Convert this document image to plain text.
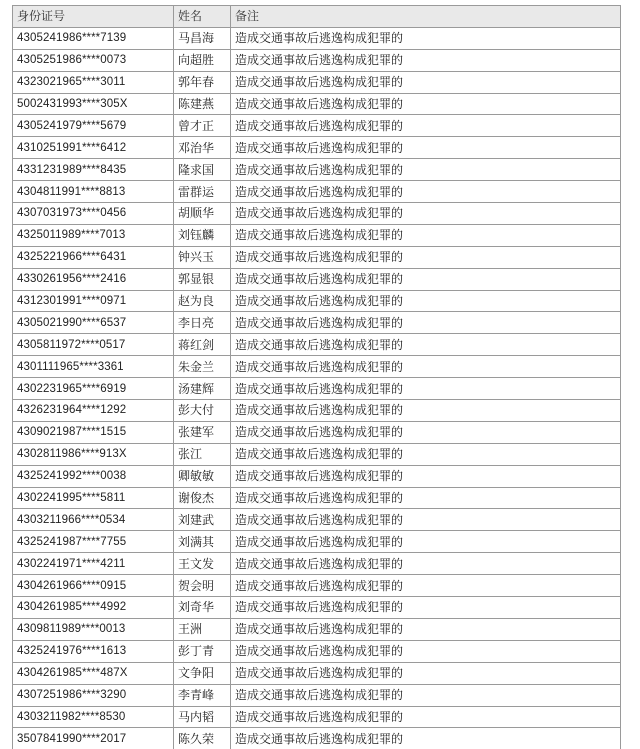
身份证号	姓名	备注
4305241986****7139	马昌海	造成交通事故后逃逸构成犯罪的
4305251986****0073	向超胜	造成交通事故后逃逸构成犯罪的
4323021965****3011	郭年春	造成交通事故后逃逸构成犯罪的
5002431993****305X	陈建燕	造成交通事故后逃逸构成犯罪的
4305241979****5679	曾才正	造成交通事故后逃逸构成犯罪的
4310251991****6412	邓治华	造成交通事故后逃逸构成犯罪的
4331231989****8435	隆求国	造成交通事故后逃逸构成犯罪的
4304811991****8813	雷群运	造成交通事故后逃逸构成犯罪的
4307031973****0456	胡顺华	造成交通事故后逃逸构成犯罪的
4325011989****7013	刘钰麟	造成交通事故后逃逸构成犯罪的
4325221966****6431	钟兴玉	造成交通事故后逃逸构成犯罪的
4330261956****2416	郭显银	造成交通事故后逃逸构成犯罪的
4312301991****0971	赵为良	造成交通事故后逃逸构成犯罪的
4305021990****6537	李日亮	造成交通事故后逃逸构成犯罪的
4305811972****0517	蒋红剑	造成交通事故后逃逸构成犯罪的
4301111965****3361	朱金兰	造成交通事故后逃逸构成犯罪的
4302231965****6919	汤建辉	造成交通事故后逃逸构成犯罪的
4326231964****1292	彭大付	造成交通事故后逃逸构成犯罪的
4309021987****1515	张建军	造成交通事故后逃逸构成犯罪的
4302811986****913X	张江	造成交通事故后逃逸构成犯罪的
4325241992****0038	卿敏敏	造成交通事故后逃逸构成犯罪的
4302241995****5811	谢俊杰	造成交通事故后逃逸构成犯罪的
4303211966****0534	刘建武	造成交通事故后逃逸构成犯罪的
4325241987****7755	刘满其	造成交通事故后逃逸构成犯罪的
4302241971****4211	王文发	造成交通事故后逃逸构成犯罪的
4304261966****0915	贺会明	造成交通事故后逃逸构成犯罪的
4304261985****4992	刘奇华	造成交通事故后逃逸构成犯罪的
4309811989****0013	王洲	造成交通事故后逃逸构成犯罪的
4325241976****1613	彭丁青	造成交通事故后逃逸构成犯罪的
4304261985****487X	文争阳	造成交通事故后逃逸构成犯罪的
4307251986****3290	李青峰	造成交通事故后逃逸构成犯罪的
4303211982****8530	马内韬	造成交通事故后逃逸构成犯罪的
3507841990****2017	陈久荣	造成交通事故后逃逸构成犯罪的
